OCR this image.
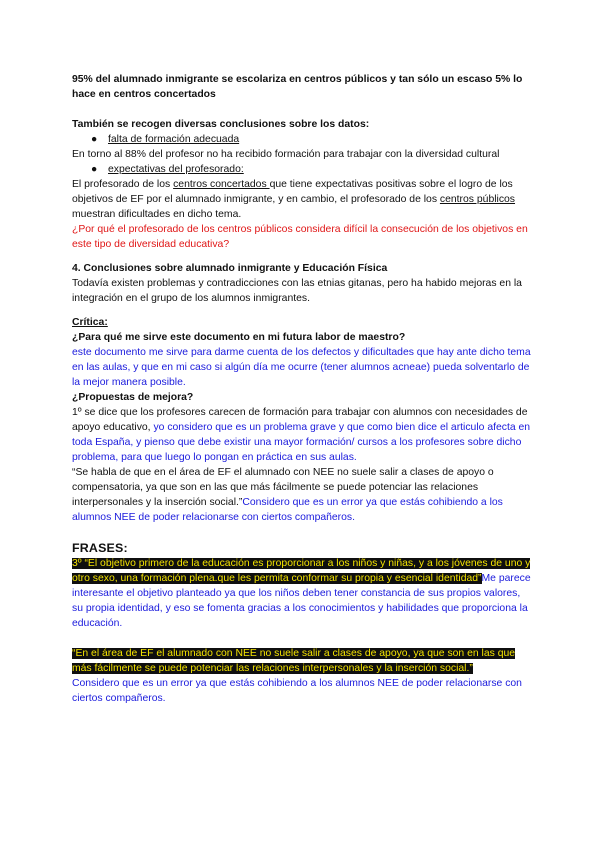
95% del alumnado inmigrante se escolariza en centros públicos y tan sólo un escaso 5% lo hace en centros concertados

También se recogen diversas conclusiones sobre los datos:

● falta de formación adecuada

En torno al 88% del profesor no ha recibido formación para trabajar con la diversidad cultural

● expectativas del profesorado:

El profesorado de los centros concertados que tiene expectativas positivas sobre el logro de los objetivos de EF por el alumnado inmigrante, y en cambio, el profesorado de los centros públicos muestran dificultades en dicho tema.

¿Por qué el profesorado de los centros públicos considera difícil la consecución de los objetivos en este tipo de diversidad educativa?

4. Conclusiones sobre alumnado inmigrante y Educación Física

Todavía existen problemas y contradicciones con las etnias gitanas, pero ha habido mejoras en la integración en el grupo de los alumnos inmigrantes.

Crítica:

¿Para qué me sirve este documento en mi futura labor de maestro?

este documento me sirve para darme cuenta de los defectos y dificultades que hay ante dicho tema en las aulas, y que en mi caso si algún día me ocurre (tener alumnos acneae) pueda solventarlo de la mejor manera posible.

¿Propuestas de mejora?

1º se dice que los profesores carecen de formación para trabajar con alumnos con necesidades de apoyo educativo, yo considero que es un problema grave y que como bien dice el articulo afecta en toda España, y pienso que debe existir una mayor formación/ cursos a los profesores sobre dicho problema, para que luego lo pongan en práctica en sus aulas.

“Se habla de que en el área de EF el alumnado con NEE no suele salir a clases de apoyo o compensatoria, ya que son en las que más fácilmente se puede potenciar las relaciones interpersonales y la inserción social.”Considero que es un error ya que estás cohibiendo a los alumnos NEE de poder relacionarse con ciertos compañeros.

FRASES:

3º “El objetivo primero de la educación es proporcionar a los niños y niñas, y a los jóvenes de uno y otro sexo, una formación plena.que les permita conformar su propia y esencial identidad”Me parece interesante el objetivo planteado ya que los niños deben tener constancia de sus propios valores, su propia identidad, y eso se fomenta gracias a los conocimientos y habilidades que proporciona la educación.

“En el área de EF el alumnado con NEE no suele salir a clases de apoyo, ya que son en las que más fácilmente se puede potenciar las relaciones interpersonales y la inserción social.”

Considero que es un error ya que estás cohibiendo a los alumnos NEE de poder relacionarse con ciertos compañeros.
